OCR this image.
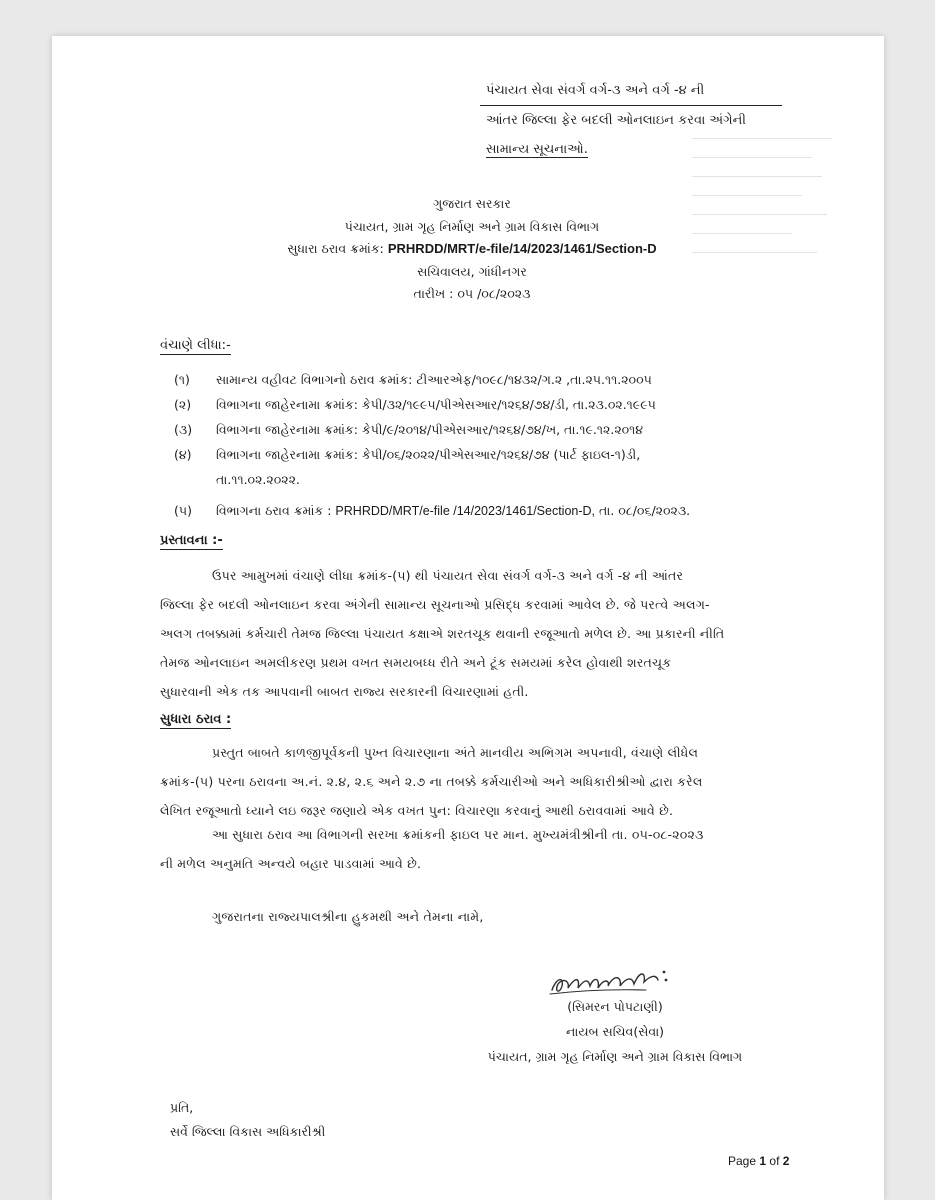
પંચાયત સેવા સંવર્ગ વર્ગ-૩ અને વર્ગ -૪ ની
આંતર જિલ્લા ફેર બદલી ઓનલાઇન કરવા અંગેની
સામાન્ય સૂચનાઓ.
ગુજરાત સરકાર
પંચાયત, ગ્રામ ગૃહ નિર્માણ અને ગ્રામ વિકાસ વિભાગ
સુધારા ઠરાવ ક્રમાંક: PRHRDD/MRT/e-file/14/2023/1461/Section-D
સચિવાલય, ગાંધીનગર
તારીખ : ૦૫ /૦૮/૨૦૨૩
વંચાણે લીધા:-
(૧) સામાન્ય વહીવટ વિભાગનો ઠરાવ ક્રમાંક: ટીઆરએફ/૧૦૯૮/૧૪૩૨/ગ.૨ ,તા.૨૫.૧૧.૨૦૦૫
(૨) વિભાગના જાહેરનામા ક્રમાંક: કેપી/૩૨/૧૯૯૫/પીએસઆર/૧૨૬૪/૭૪/ડી, તા.૨૩.૦૨.૧૯૯૫
(૩) વિભાગના જાહેરનામા ક્રમાંક: કેપી/૯/૨૦૧૪/પીએસઆર/૧૨૬૪/૭૪/ખ, તા.૧૯.૧૨.૨૦૧૪
(૪) વિભાગના જાહેરનામા ક્રમાંક: કેપી/૦૬/૨૦૨૨/પીએસઆર/૧૨૬૪/૭૪ (પાર્ટ ફાઇલ-૧)ડી,
તા.૧૧.૦૨.૨૦૨૨.
(૫) વિભાગના ઠરાવ ક્રમાંક : PRHRDD/MRT/e-file /14/2023/1461/Section-D, તા. ૦૮/૦૬/૨૦૨૩.
પ્રસ્તાવના :-
ઉપર આમુખમાં વંચાણે લીધા ક્રમાંક-(૫) થી પંચાયત સેવા સંવર્ગ વર્ગ-૩ અને વર્ગ -૪ ની આંતર
જિલ્લા ફેર બદલી ઓનલાઇન કરવા અંગેની સામાન્ય સૂચનાઓ પ્રસિદ્ધ કરવામાં આવેલ છે. જે પરત્વે અલગ-
અલગ તબક્કામાં કર્મચારી તેમજ જિલ્લા પંચાયત કક્ષાએ શરતચૂક થવાની રજૂઆતો મળેલ છે. આ પ્રકારની નીતિ
તેમજ ઓનલાઇન અમલીકરણ પ્રથમ વખત સમયબધ્ધ રીતે અને ટૂંક સમયમાં કરેલ હોવાથી શરતચૂક
સુધારવાની એક તક આપવાની બાબત રાજ્ય સરકારની વિચારણામાં હતી.
સુધારા ઠરાવ :
પ્રસ્તુત બાબતે કાળજીપૂર્વકની પુખ્ત વિચારણાના અંતે માનવીય અભિગમ અપનાવી, વંચાણે લીધેલ
ક્રમાંક-(૫) પરના ઠરાવના અ.નં. ૨.૪, ૨.૬ અને ૨.૭ ના તબક્કે કર્મચારીઓ અને અધિકારીશ્રીઓ દ્વારા કરેલ
લેખિત રજૂઆતો ધ્યાને લઇ જરૂર જણાયે એક વખત પુન: વિચારણા કરવાનું આથી ઠરાવવામાં આવે છે.
આ સુધારા ઠરાવ આ વિભાગની સરખા ક્રમાંકની ફાઇલ પર માન. મુખ્યમંત્રીશ્રીની તા. ૦૫-૦૮-૨૦૨૩
ની મળેલ અનુમતિ અન્વયે બહાર પાડવામાં આવે છે.
ગુજરાતના રાજ્યપાલશ્રીના હુકમથી અને તેમના નામે,
(સિમરન પોપટાણી)
નાયબ સચિવ(સેવા)
પંચાયત, ગ્રામ ગૃહ નિર્માણ અને ગ્રામ વિકાસ વિભાગ
પ્રતિ,
સર્વે જિલ્લા વિકાસ અધિકારીશ્રી
Page 1 of 2
